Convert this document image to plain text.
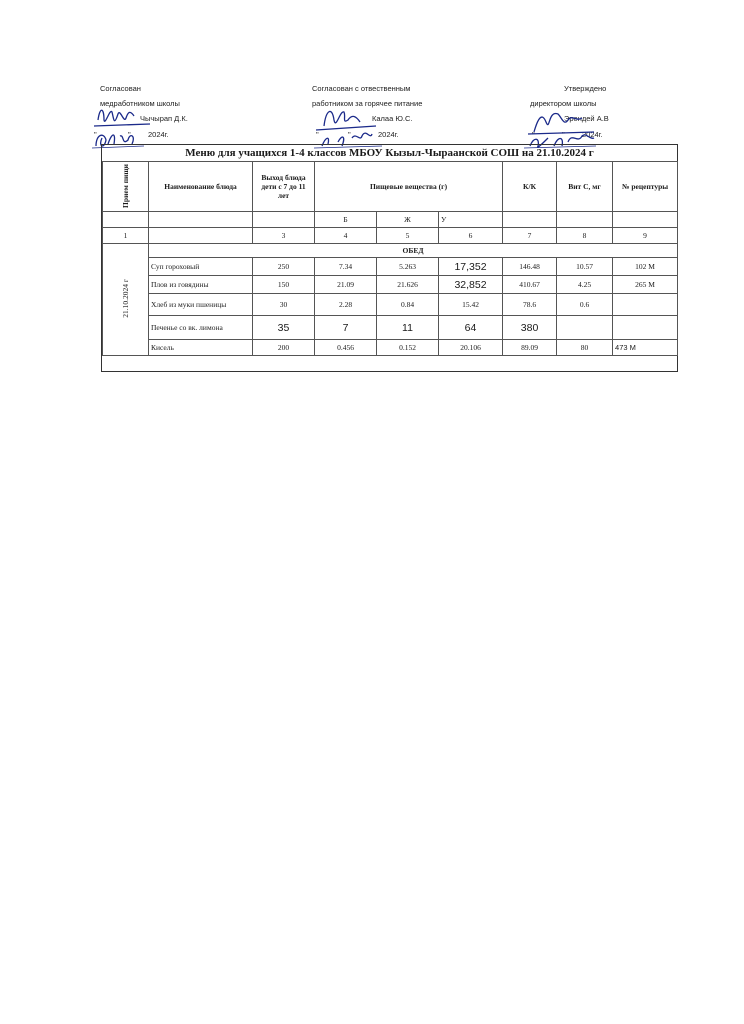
Согласован
медработником школы
Чычырап Д.К.
"	" 2024г.
Согласован с отвественным
работником за горячее питание
Калаа Ю.С.
"	"	2024г.
Утверждено
директором школы
Эрендей А.В
"	" 2024г.
Меню для учащихся 1-4 классов МБОУ Кызыл-Чыраанской СОШ на 21.10.2024 г
Прием пищи	Наименование блюда	Выход блюда дети с 7 до 11 лет	Пищевые вещества (г)			К/К	Вит С, мг	№ рецептуры

			Б	Ж	У			
1		3	4	5	6	7	8	9
21.10.2024 г	ОБЕД							
	Суп гороховый	250	7.34	5.263	17,352	146.48	10.57	102 М
	Плов из говядины	150	21.09	21.626	32,852	410.67	4.25	265 М
	Хлеб из муки пшеницы	30	2.28	0.84	15.42	78.6	0.6	
	Печенье со вк. лимона	35	7	11	64	380		
	Кисель	200	0.456	0.152	20.106	89.09	80	473 М
